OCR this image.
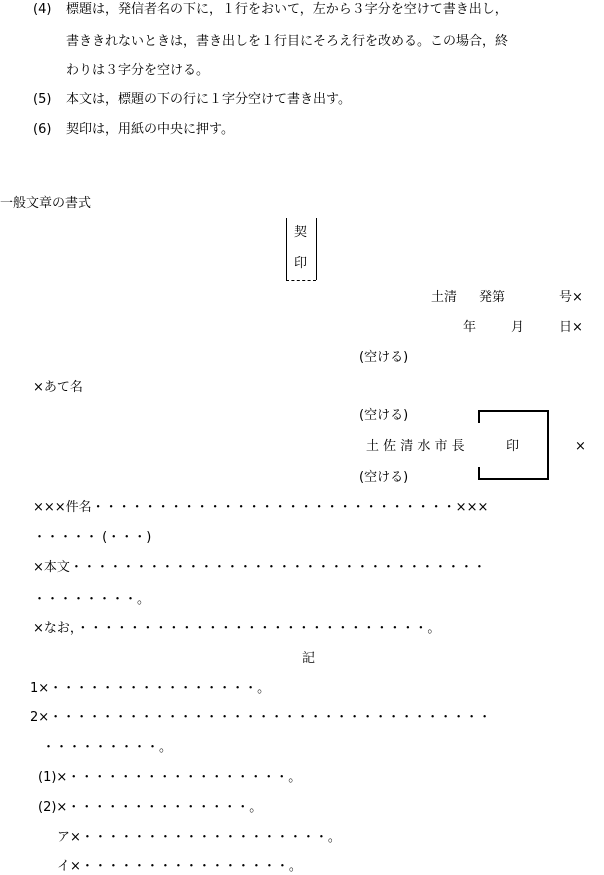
(4) 標題は，発信者名の下に，１行をおいて，左から３字分を空けて書き出し，
書ききれないときは，書き出しを１行目にそろえ行を改める。この場合，終
わりは３字分を空ける。
(5) 本文は，標題の下の行に１字分空けて書き出す。
(6) 契印は，用紙の中央に押す。
一般文章の書式
契
印
土清 発第	号×
年	月	日×
(空ける)
×あて名
(空ける)
土 佐 清 水 市 長	印	×
(空ける)
×××件名・・・・・・・・・・・・・・・・・・・・・・・・・・・・×××
・・・・・ (・・・)
×本文・・・・・・・・・・・・・・・・・・・・・・・・・・・・・・・・
・・・・・・・・。
×なお，・・・・・・・・・・・・・・・・・・・・・・・・・・・。
記
1×・・・・・・・・・・・・・・・・。
2×・・・・・・・・・・・・・・・・・・・・・・・・・・・・・・・・・・
・・・・・・・・・。
(1)×・・・・・・・・・・・・・・・・・。
(2)×・・・・・・・・・・・・・・。
ア×・・・・・・・・・・・・・・・・・・・。
イ×・・・・・・・・・・・・・・・・。
